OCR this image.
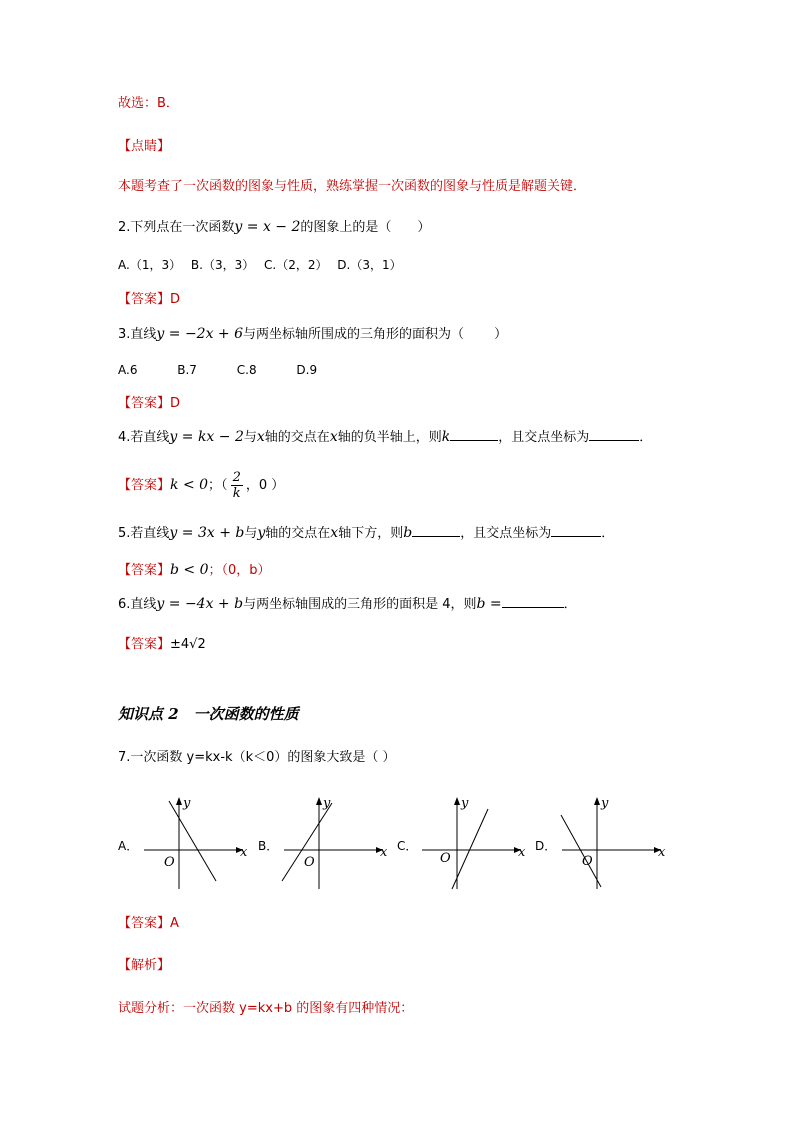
故选：B．
【点睛】
本题考查了一次函数的图象与性质，熟练掌握一次函数的图象与性质是解题关键．
2.下列点在一次函数y = x − 2的图象上的是（　　）
A.（1，3）　 B.（3，3）　 C.（2，2）　 D.（3，1）
【答案】D
3.直线y = −2x + 6与两坐标轴所围成的三角形的面积为（　　 ）
A.6　　　 B.7　　　 C.8　　　 D.9
【答案】D
4.若直线y = kx − 2与x轴的交点在x轴的负半轴上，则k	，且交点坐标为	．
【答案】k < 0；（ $\frac{2}{k}$ ，0 ）
5.若直线y = 3x + b与y轴的交点在x轴下方，则b	，且交点坐标为	．
【答案】b < 0；（0，b）
6.直线y = −4x + b与两坐标轴围成的三角形的面积是 4，则b =	．
【答案】±4√2
知识点 2　一次函数的性质
7.一次函数 y=kx-k（k＜0）的图象大致是（ ）
A．	x
y
O
B．	x
y
O
C．	x
y
O
D．	x
y
O
【答案】A
【解析】
试题分析：一次函数 y=kx+b 的图象有四种情况：
